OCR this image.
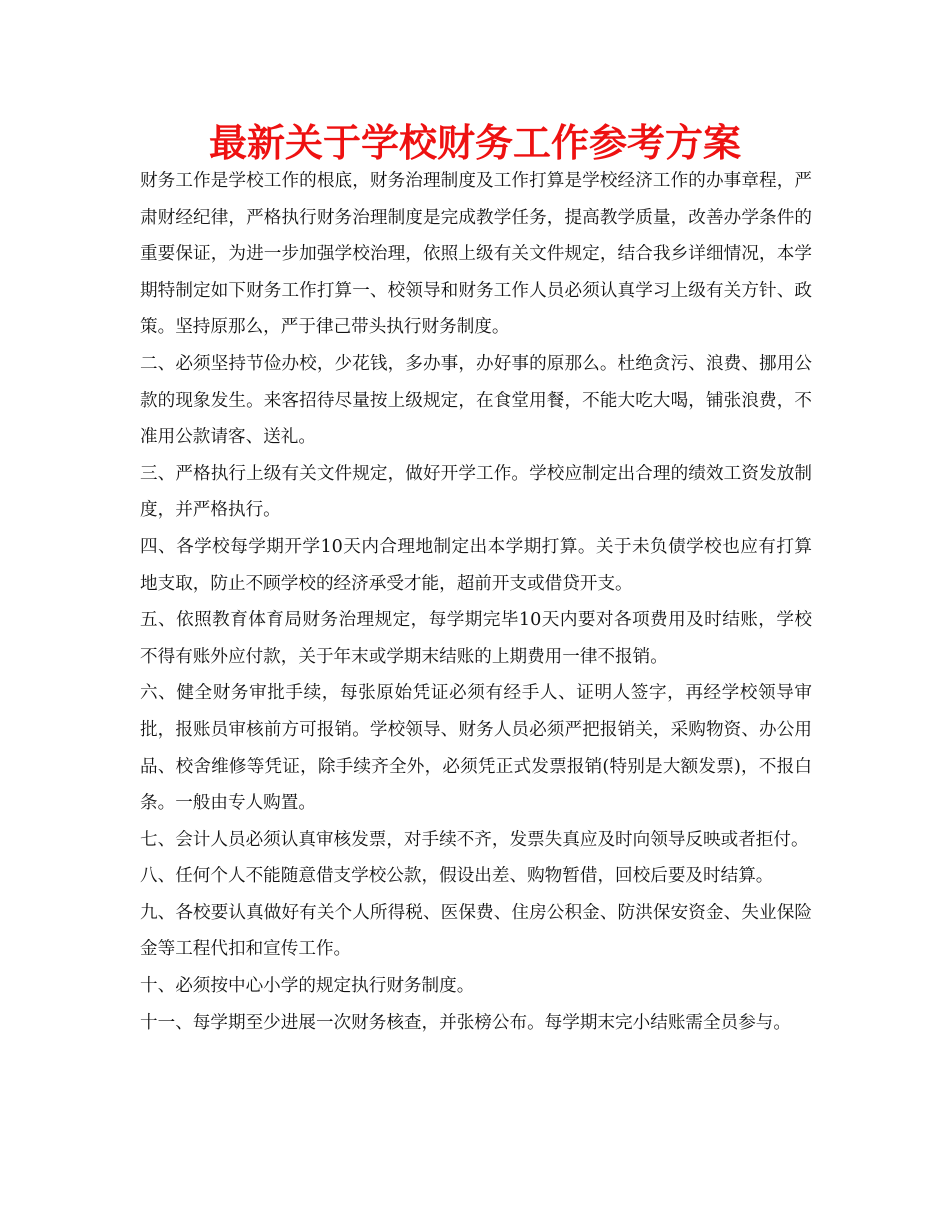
最新关于学校财务工作参考方案

财务工作是学校工作的根底，财务治理制度及工作打算是学校经济工作的办事章程，严肃财经纪律，严格执行财务治理制度是完成教学任务，提高教学质量，改善办学条件的重要保证，为进一步加强学校治理，依照上级有关文件规定，结合我乡详细情况，本学期特制定如下财务工作打算一、校领导和财务工作人员必须认真学习上级有关方针、政策。坚持原那么，严于律己带头执行财务制度。

二、必须坚持节俭办校，少花钱，多办事，办好事的原那么。杜绝贪污、浪费、挪用公款的现象发生。来客招待尽量按上级规定，在食堂用餐，不能大吃大喝，铺张浪费，不准用公款请客、送礼。

三、严格执行上级有关文件规定，做好开学工作。学校应制定出合理的绩效工资发放制度，并严格执行。

四、各学校每学期开学10天内合理地制定出本学期打算。关于未负债学校也应有打算地支取，防止不顾学校的经济承受才能，超前开支或借贷开支。

五、依照教育体育局财务治理规定，每学期完毕10天内要对各项费用及时结账，学校不得有账外应付款，关于年末或学期末结账的上期费用一律不报销。

六、健全财务审批手续，每张原始凭证必须有经手人、证明人签字，再经学校领导审批，报账员审核前方可报销。学校领导、财务人员必须严把报销关，采购物资、办公用品、校舍维修等凭证，除手续齐全外，必须凭正式发票报销(特别是大额发票)，不报白条。一般由专人购置。

七、会计人员必须认真审核发票，对手续不齐，发票失真应及时向领导反映或者拒付。

八、任何个人不能随意借支学校公款，假设出差、购物暂借，回校后要及时结算。

九、各校要认真做好有关个人所得税、医保费、住房公积金、防洪保安资金、失业保险金等工程代扣和宣传工作。

十、必须按中心小学的规定执行财务制度。

十一、每学期至少进展一次财务核查，并张榜公布。每学期末完小结账需全员参与。
